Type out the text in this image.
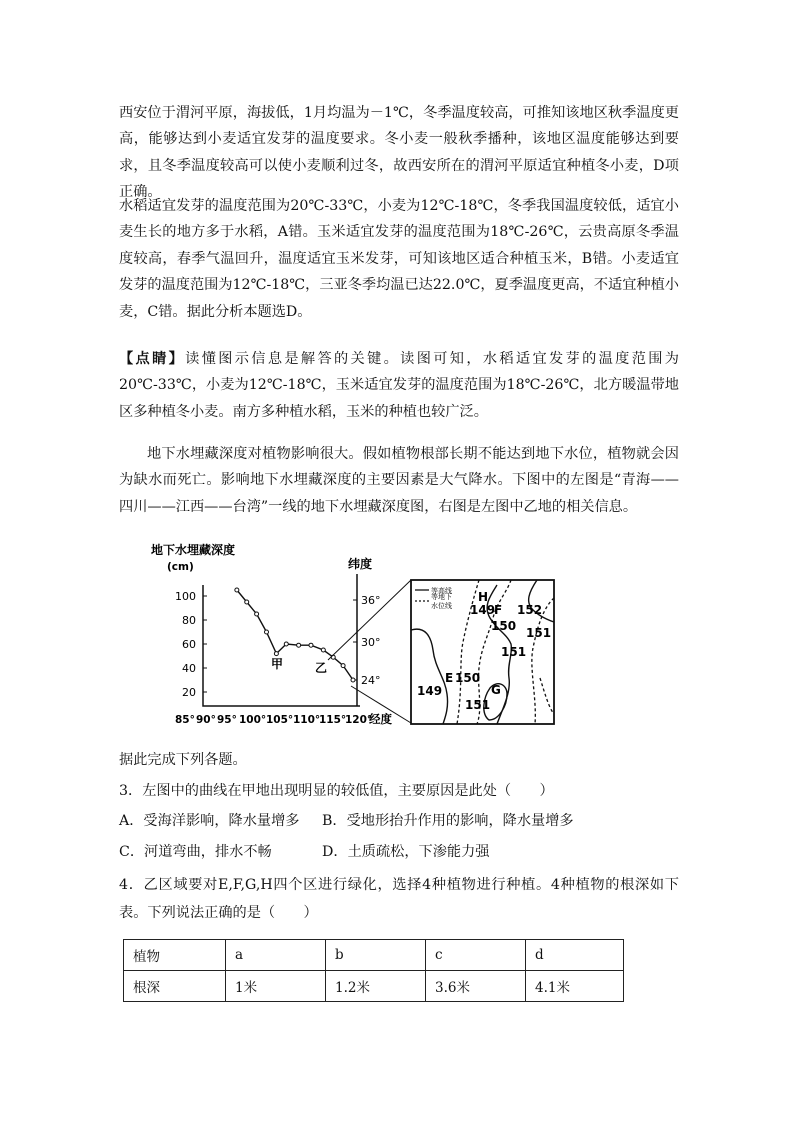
西安位于渭河平原，海拔低，1月均温为－1℃，冬季温度较高，可推知该地区秋季温度更高，能够达到小麦适宜发芽的温度要求。冬小麦一般秋季播种，该地区温度能够达到要求，且冬季温度较高可以使小麦顺利过冬，故西安所在的渭河平原适宜种植冬小麦，D项正确。
水稻适宜发芽的温度范围为20℃-33℃，小麦为12℃-18℃，冬季我国温度较低，适宜小麦生长的地方多于水稻，A错。玉米适宜发芽的温度范围为18℃-26℃，云贵高原冬季温度较高，春季气温回升，温度适宜玉米发芽，可知该地区适合种植玉米，B错。小麦适宜发芽的温度范围为12℃-18℃，三亚冬季均温已达22.0℃，夏季温度更高，不适宜种植小麦，C错。据此分析本题选D。
【点睛】读懂图示信息是解答的关键。读图可知，水稻适宜发芽的温度范围为20℃-33℃，小麦为12℃-18℃，玉米适宜发芽的温度范围为18℃-26℃，北方暖温带地区多种植冬小麦。南方多种植水稻，玉米的种植也较广泛。
地下水埋藏深度对植物影响很大。假如植物根部长期不能达到地下水位，植物就会因为缺水而死亡。影响地下水埋藏深度的主要因素是大气降水。下图中的左图是“青海——四川——江西——台湾”一线的地下水埋藏深度图，右图是左图中乙地的相关信息。
地下水埋藏深度
(cm)
100
80
60
40
20
85° 90° 95° 100° 105° 110°
115°
120°
经度
纬度
36°
30°
24°
甲	乙
等高线
等地下
水位线
H
F
E
G
149 152
150 151
151
149
150
151
据此完成下列各题。
3．左图中的曲线在甲地出现明显的较低值，主要原因是此处（　　）
A．受海洋影响，降水量增多 B．受地形抬升作用的影响，降水量增多
C．河道弯曲，排水不畅	D．土质疏松，下渗能力强
4．乙区域要对E,F,G,H四个区进行绿化，选择4种植物进行种植。4种植物的根深如下表。下列说法正确的是（　　）
植物	a	b	c	d
根深	1米	1.2米	3.6米	4.1米
